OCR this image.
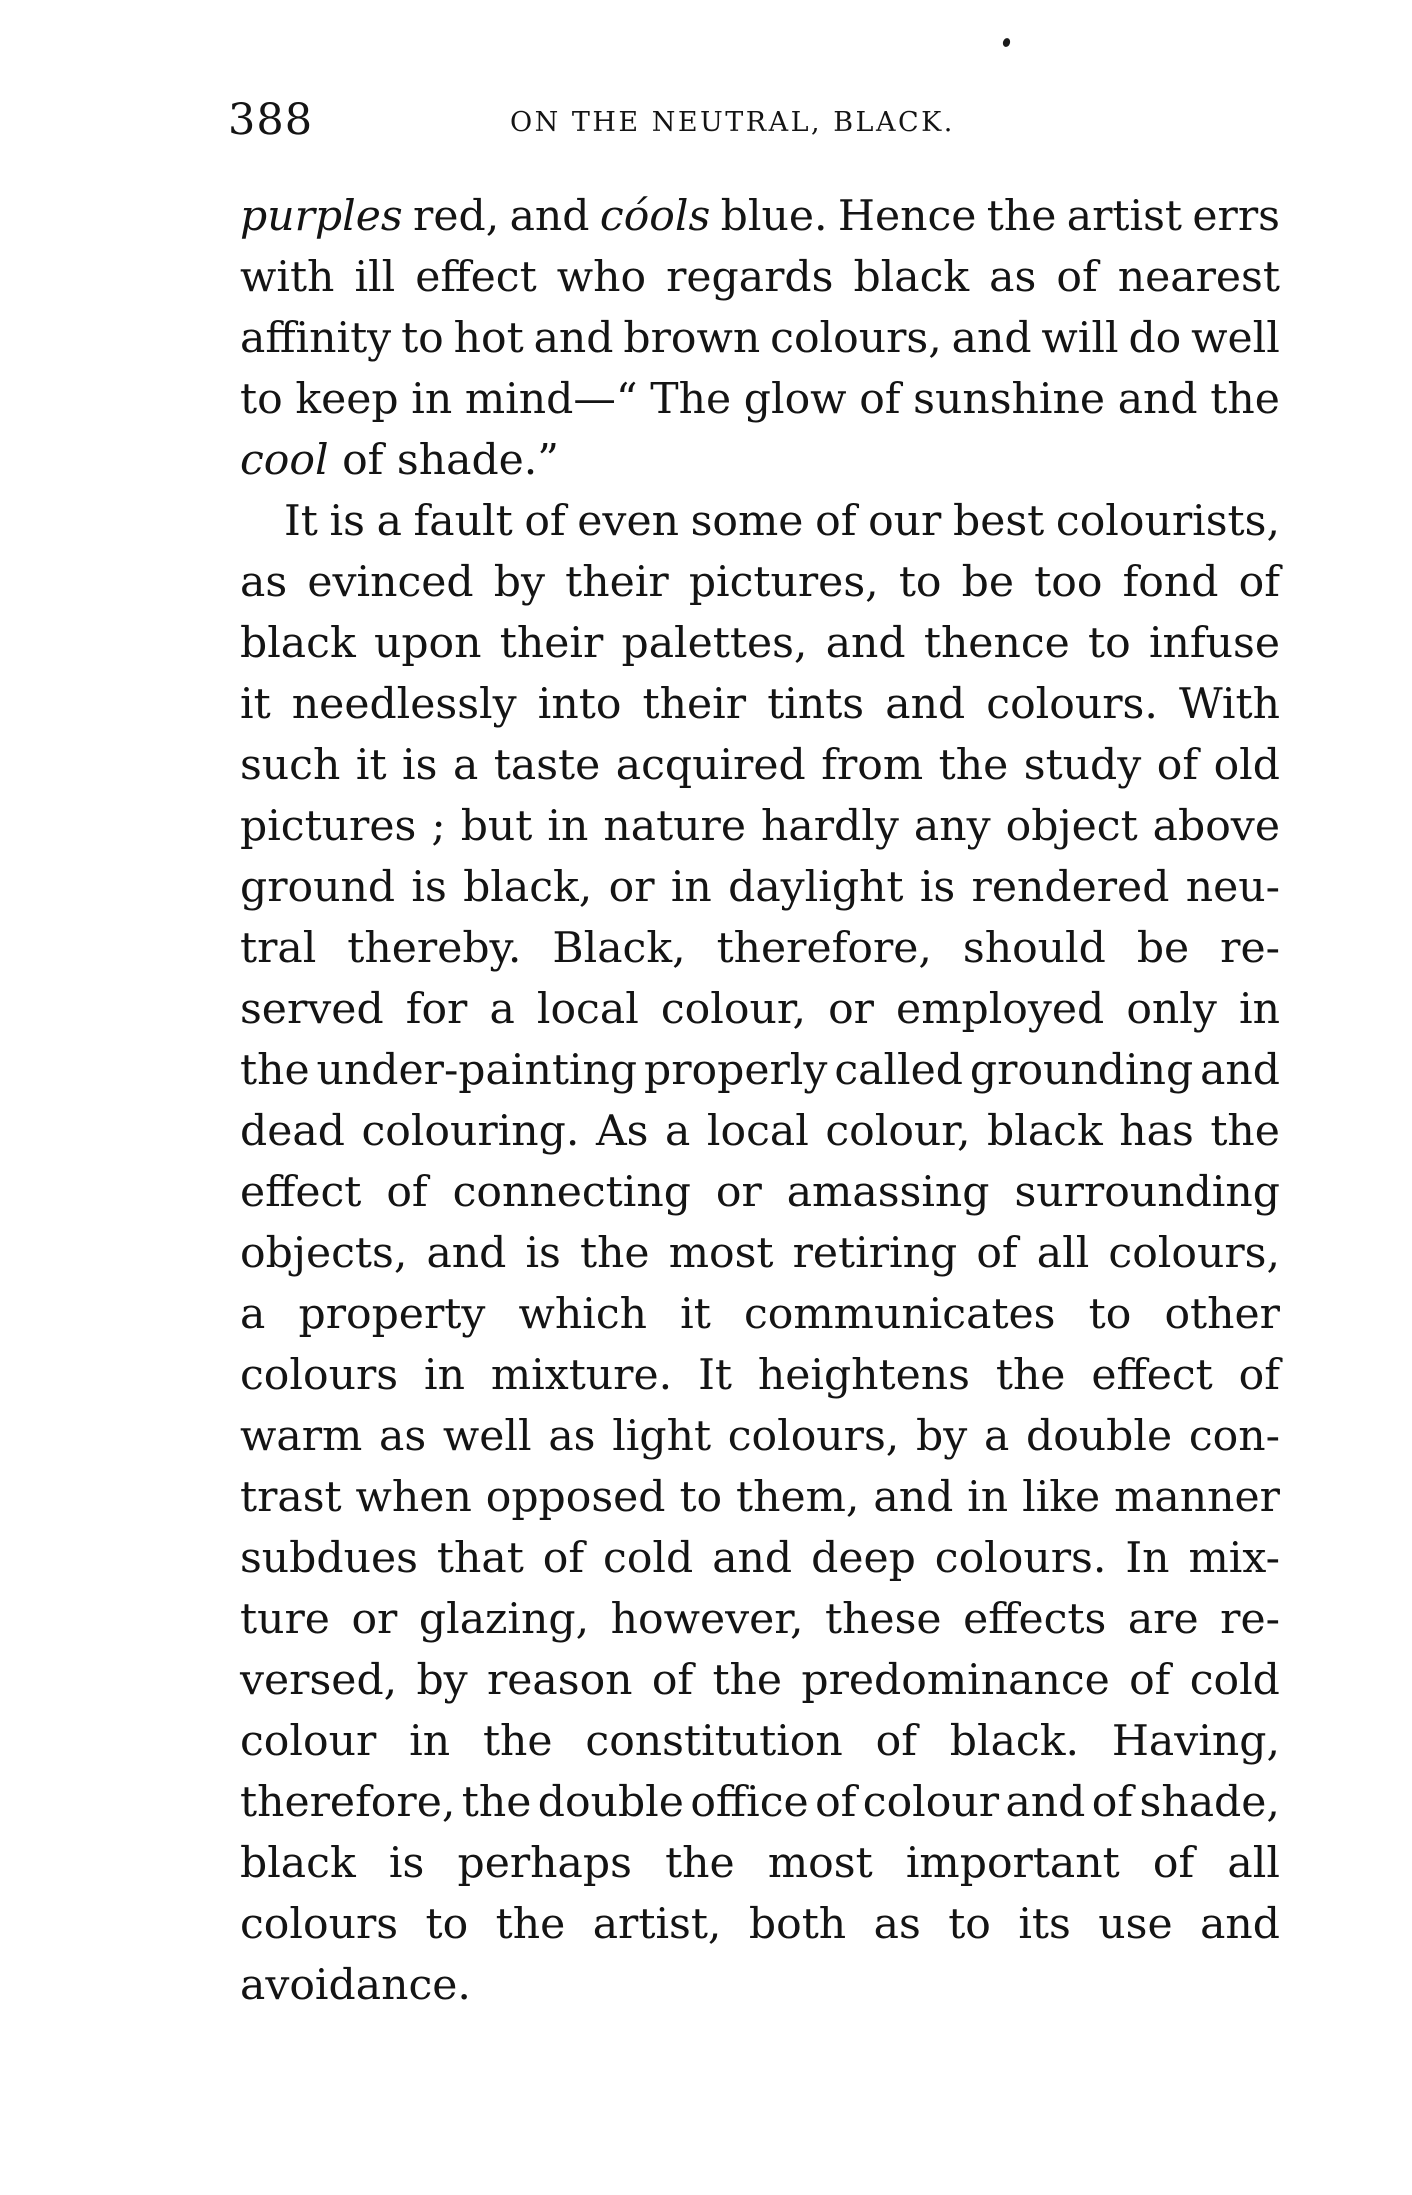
388	ON THE NEUTRAL, BLACK.
purples red, and cóols blue. Hence the artist errs
with ill effect who regards black as of nearest
affinity to hot and brown colours, and will do well
to keep in mind—“ The glow of sunshine and the
cool of shade.”
It is a fault of even some of our best colourists,
as evinced by their pictures, to be too fond of
black upon their palettes, and thence to infuse
it needlessly into their tints and colours. With
such it is a taste acquired from the study of old
pictures ; but in nature hardly any object above
ground is black, or in daylight is rendered neu-
tral thereby. Black, therefore, should be re-
served for a local colour, or employed only in
the under-painting properly called grounding and
dead colouring. As a local colour, black has the
effect of connecting or amassing surrounding
objects, and is the most retiring of all colours,
a property which it communicates to other
colours in mixture. It heightens the effect of
warm as well as light colours, by a double con-
trast when opposed to them, and in like manner
subdues that of cold and deep colours. In mix-
ture or glazing, however, these effects are re-
versed, by reason of the predominance of cold
colour in the constitution of black. Having,
therefore, the double office of colour and of shade,
black is perhaps the most important of all
colours to the artist, both as to its use and
avoidance.
